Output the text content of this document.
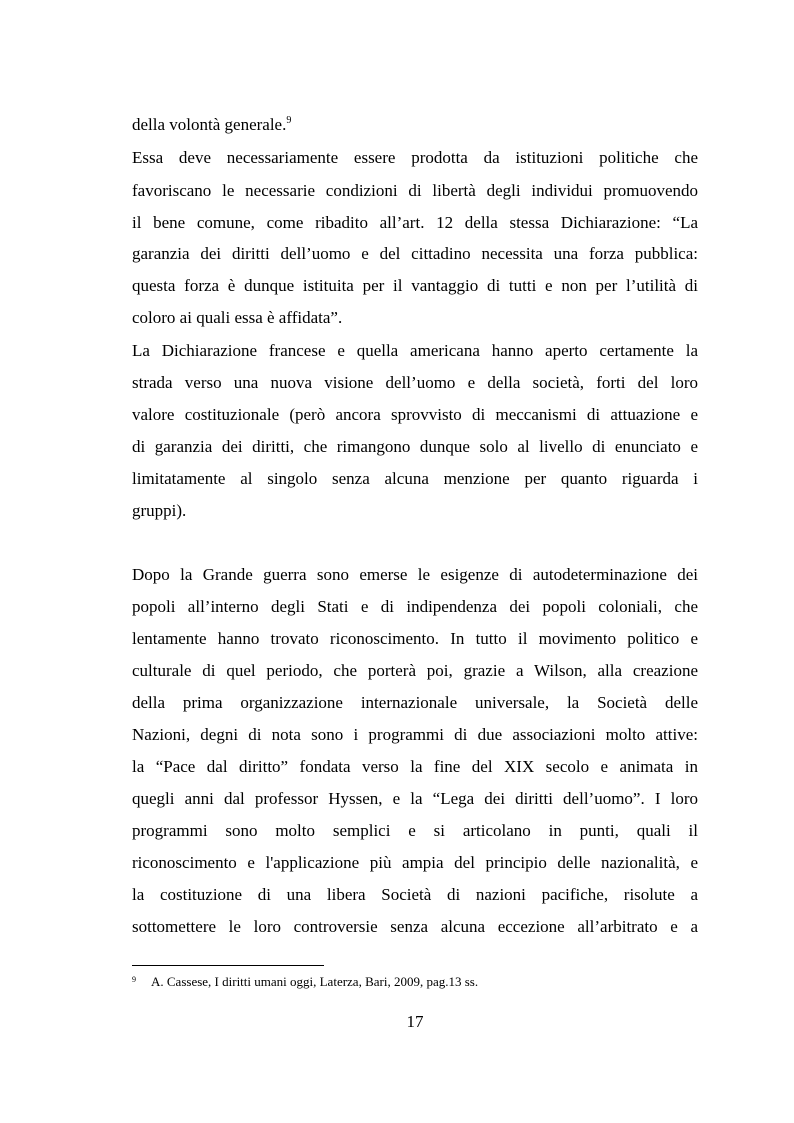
della volontà generale.$^9$
Essa deve necessariamente essere prodotta da istituzioni politiche che
favoriscano le necessarie condizioni di libertà degli individui promuovendo
il bene comune, come ribadito all’art. 12 della stessa Dichiarazione: “La
garanzia dei diritti dell’uomo e del cittadino necessita una forza pubblica:
questa forza è dunque istituita per il vantaggio di tutti e non per l’utilità di
coloro ai quali essa è affidata”.
La Dichiarazione francese e quella americana hanno aperto certamente la
strada verso una nuova visione dell’uomo e della società, forti del loro
valore costituzionale (però ancora sprovvisto di meccanismi di attuazione e
di garanzia dei diritti, che rimangono dunque solo al livello di enunciato e
limitatamente al singolo senza alcuna menzione per quanto riguarda i
gruppi).
Dopo la Grande guerra sono emerse le esigenze di autodeterminazione dei
popoli all’interno degli Stati e di indipendenza dei popoli coloniali, che
lentamente hanno trovato riconoscimento. In tutto il movimento politico e
culturale di quel periodo, che porterà poi, grazie a Wilson, alla creazione
della prima organizzazione internazionale universale, la Società delle
Nazioni, degni di nota sono i programmi di due associazioni molto attive:
la “Pace dal diritto” fondata verso la fine del XIX secolo e animata in
quegli anni dal professor Hyssen, e la “Lega dei diritti dell’uomo”. I loro
programmi sono molto semplici e si articolano in punti, quali il
riconoscimento e l'applicazione più ampia del principio delle nazionalità, e
la costituzione di una libera Società di nazioni pacifiche, risolute a
sottomettere le loro controversie senza alcuna eccezione all’arbitrato e a
9 A. Cassese, I diritti umani oggi, Laterza, Bari, 2009, pag.13 ss.
17
